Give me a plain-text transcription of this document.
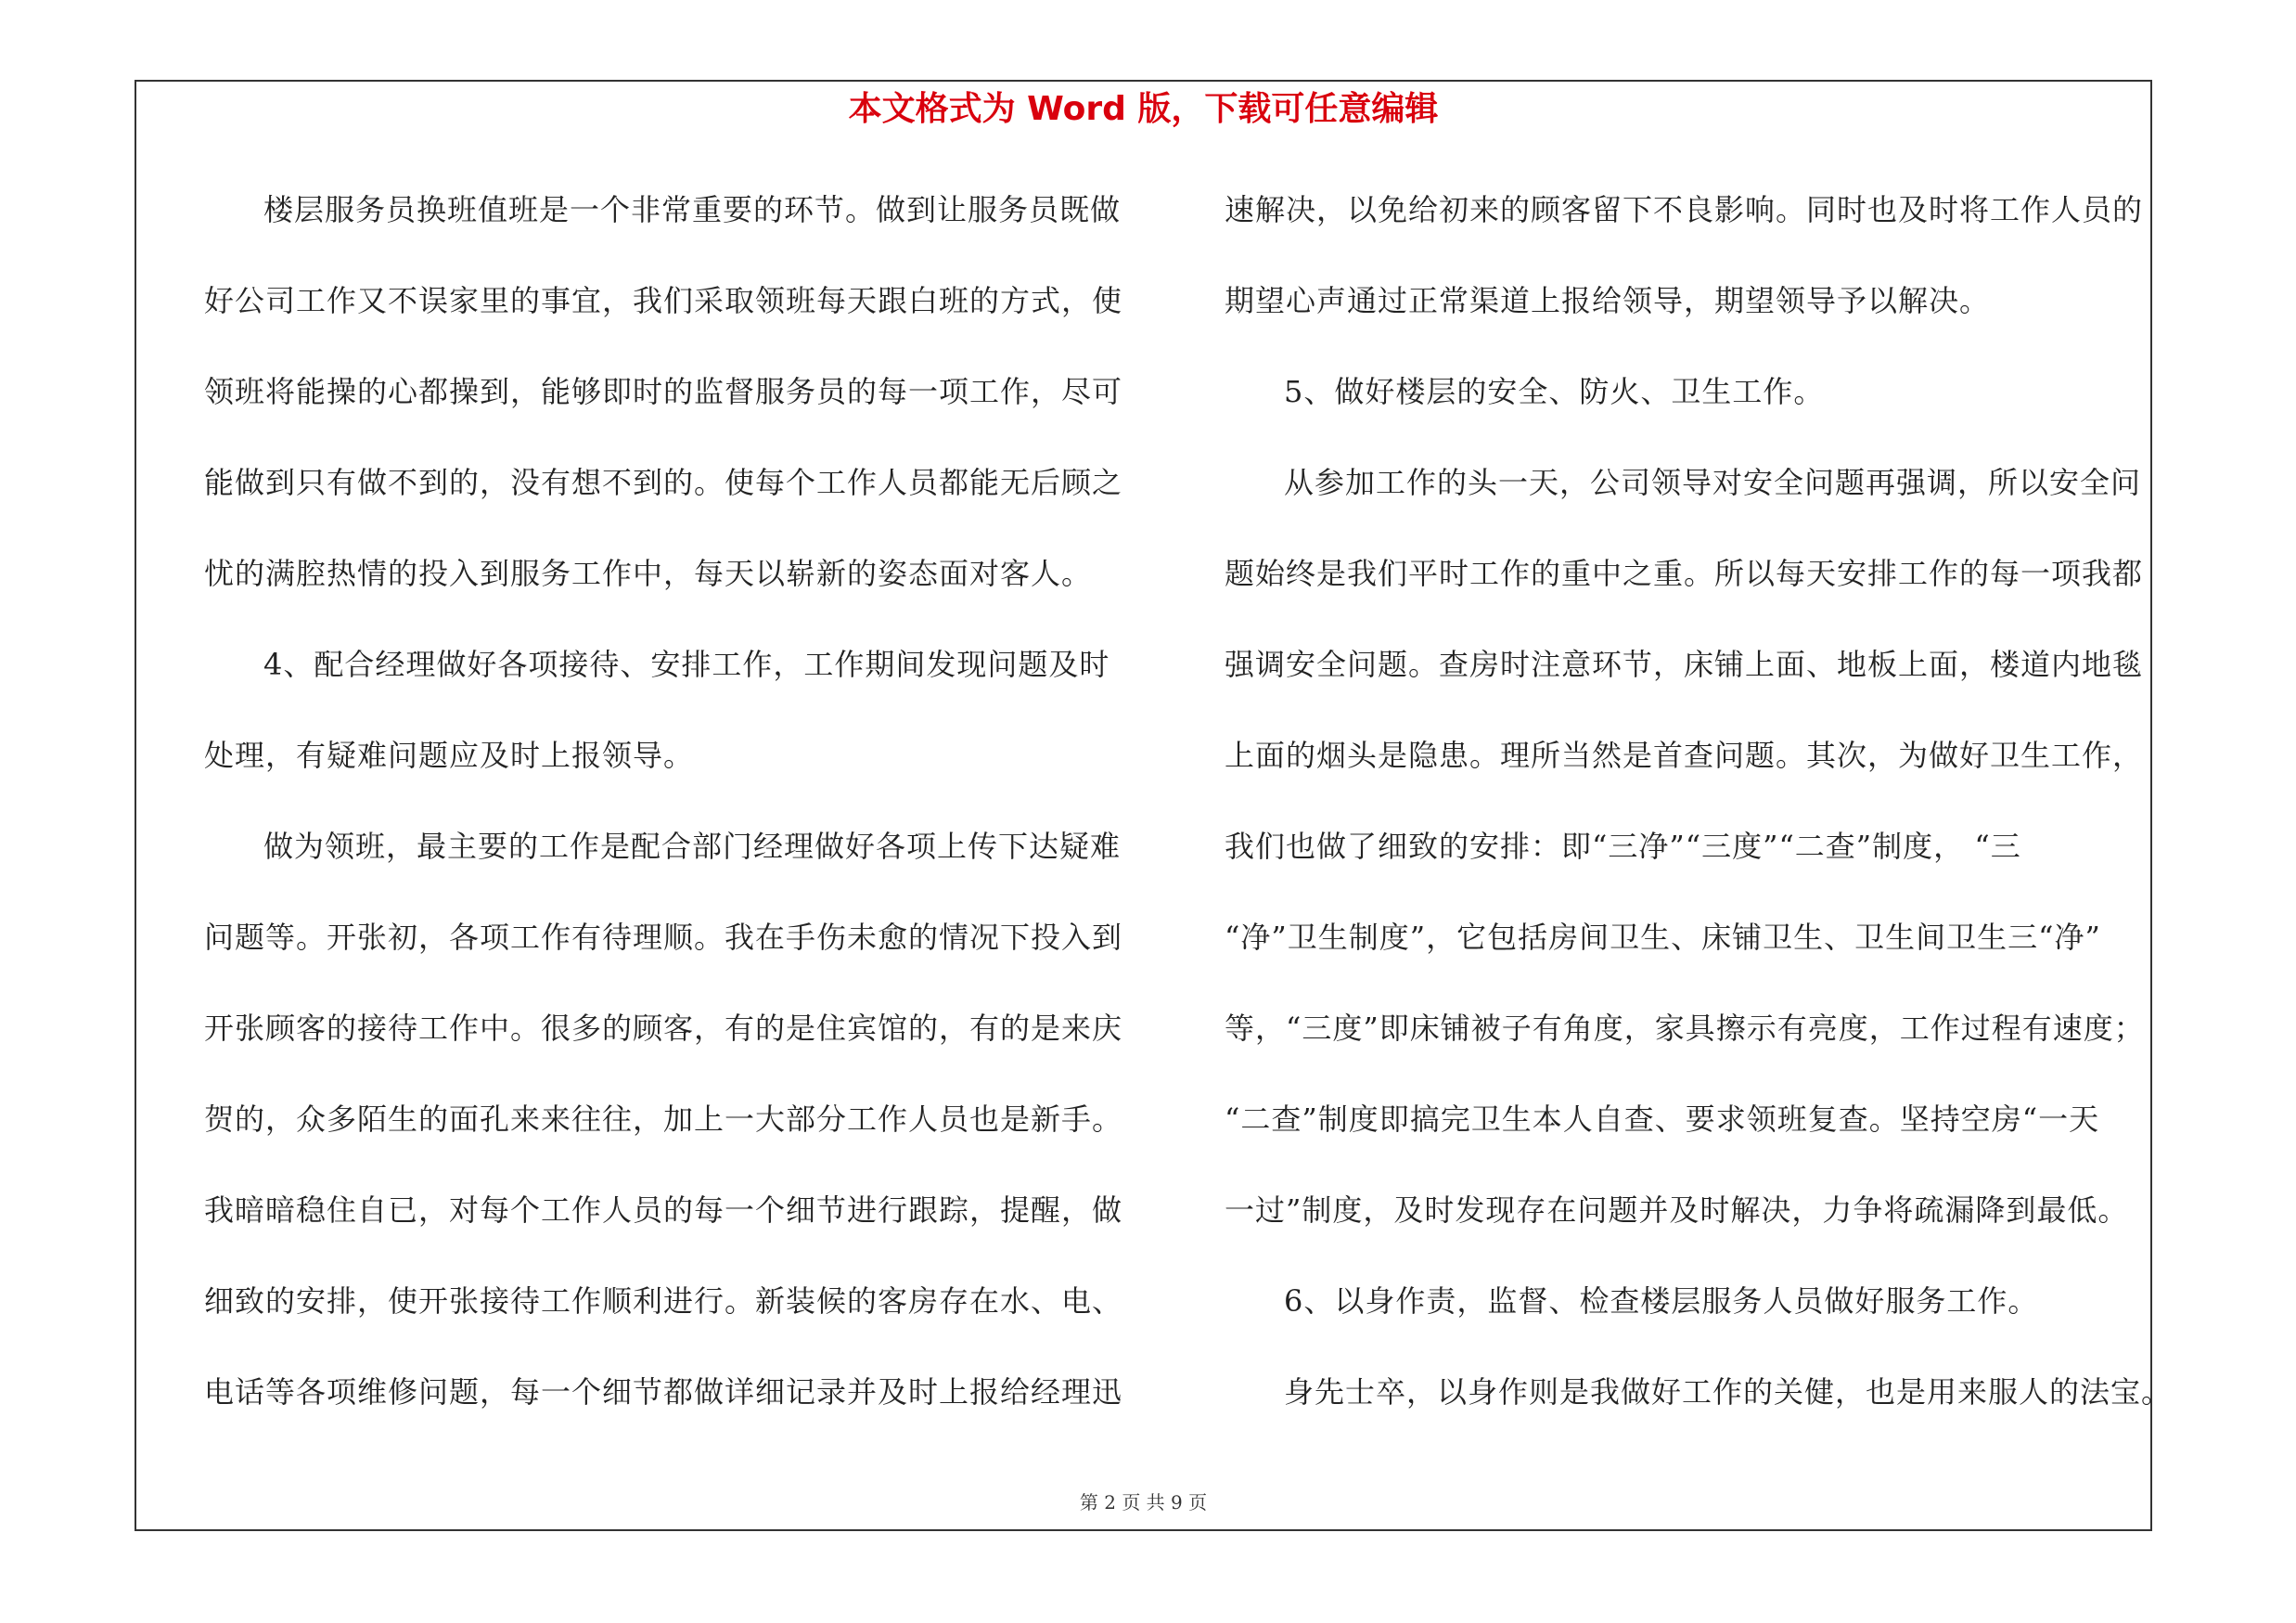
本文格式为 Word 版，下载可任意编辑
楼层服务员换班值班是一个非常重要的环节。做到让服务员既做
好公司工作又不误家里的事宜，我们采取领班每天跟白班的方式，使
领班将能操的心都操到，能够即时的监督服务员的每一项工作，尽可
能做到只有做不到的，没有想不到的。使每个工作人员都能无后顾之
忧的满腔热情的投入到服务工作中，每天以崭新的姿态面对客人。
4、配合经理做好各项接待、安排工作，工作期间发现问题及时
处理，有疑难问题应及时上报领导。
做为领班，最主要的工作是配合部门经理做好各项上传下达疑难
问题等。开张初，各项工作有待理顺。我在手伤未愈的情况下投入到
开张顾客的接待工作中。很多的顾客，有的是住宾馆的，有的是来庆
贺的，众多陌生的面孔来来往往，加上一大部分工作人员也是新手。
我暗暗稳住自已，对每个工作人员的每一个细节进行跟踪，提醒，做
细致的安排，使开张接待工作顺利进行。新装候的客房存在水、电、
电话等各项维修问题，每一个细节都做详细记录并及时上报给经理迅
速解决，以免给初来的顾客留下不良影响。同时也及时将工作人员的
期望心声通过正常渠道上报给领导，期望领导予以解决。
5、做好楼层的安全、防火、卫生工作。
从参加工作的头一天，公司领导对安全问题再强调，所以安全问
题始终是我们平时工作的重中之重。所以每天安排工作的每一项我都
强调安全问题。查房时注意环节，床铺上面、地板上面，楼道内地毯
上面的烟头是隐患。理所当然是首查问题。其次，为做好卫生工作，
我们也做了细致的安排：即“三净”“三度”“二查”制度， “三
“净”卫生制度”，它包括房间卫生、床铺卫生、卫生间卫生三“净”
等，“三度”即床铺被子有角度，家具擦示有亮度，工作过程有速度；
“二查”制度即搞完卫生本人自查、要求领班复查。坚持空房“一天
一过”制度，及时发现存在问题并及时解决，力争将疏漏降到最低。
6、以身作责，监督、检查楼层服务人员做好服务工作。
身先士卒，以身作则是我做好工作的关健，也是用来服人的法宝。
第 2 页 共 9 页
